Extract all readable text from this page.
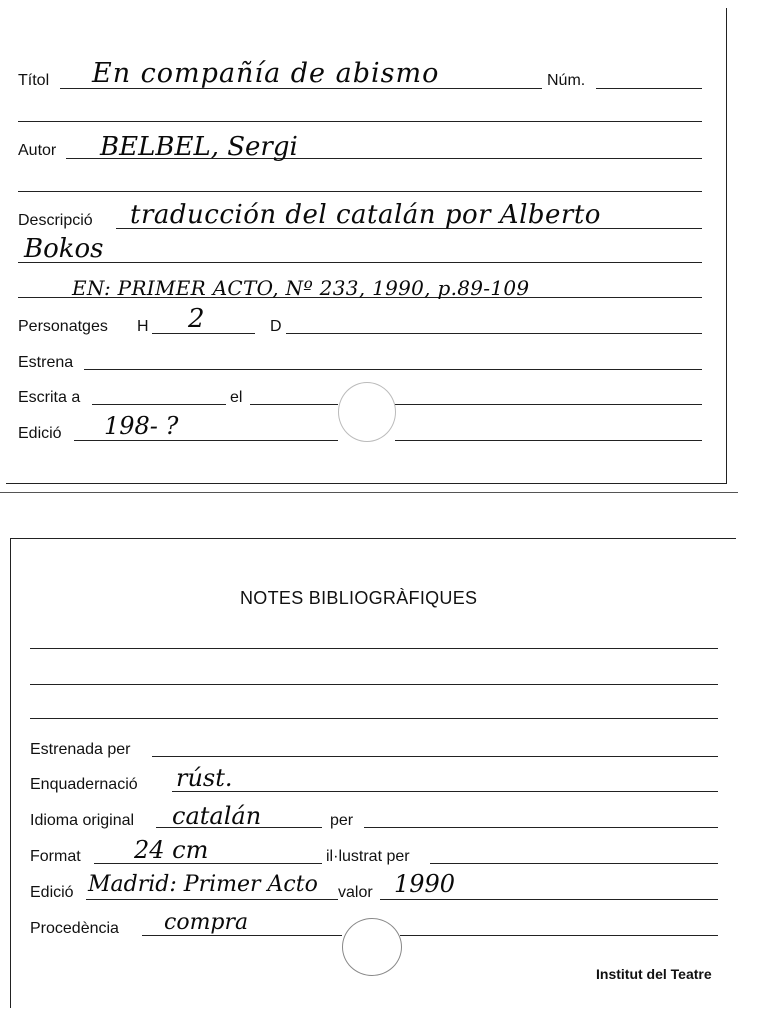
Títol En compañía de abismo	Núm.
Autor BELBEL, Sergi
Descripció traducción del catalán por Alberto
Bokos
EN: PRIMER ACTO, Nº 233, 1990, p.89-109
Personatges H 2	D
Estrena
Escrita a	el
Edició 198- ?
NOTES BIBLIOGRÀFIQUES
Estrenada per
Enquadernació rúst.
Idioma original catalán	per
Format 24 cm	il·lustrat per
Edició Madrid: Primer Acto valor 1990
Procedència compra
Institut del Teatre
